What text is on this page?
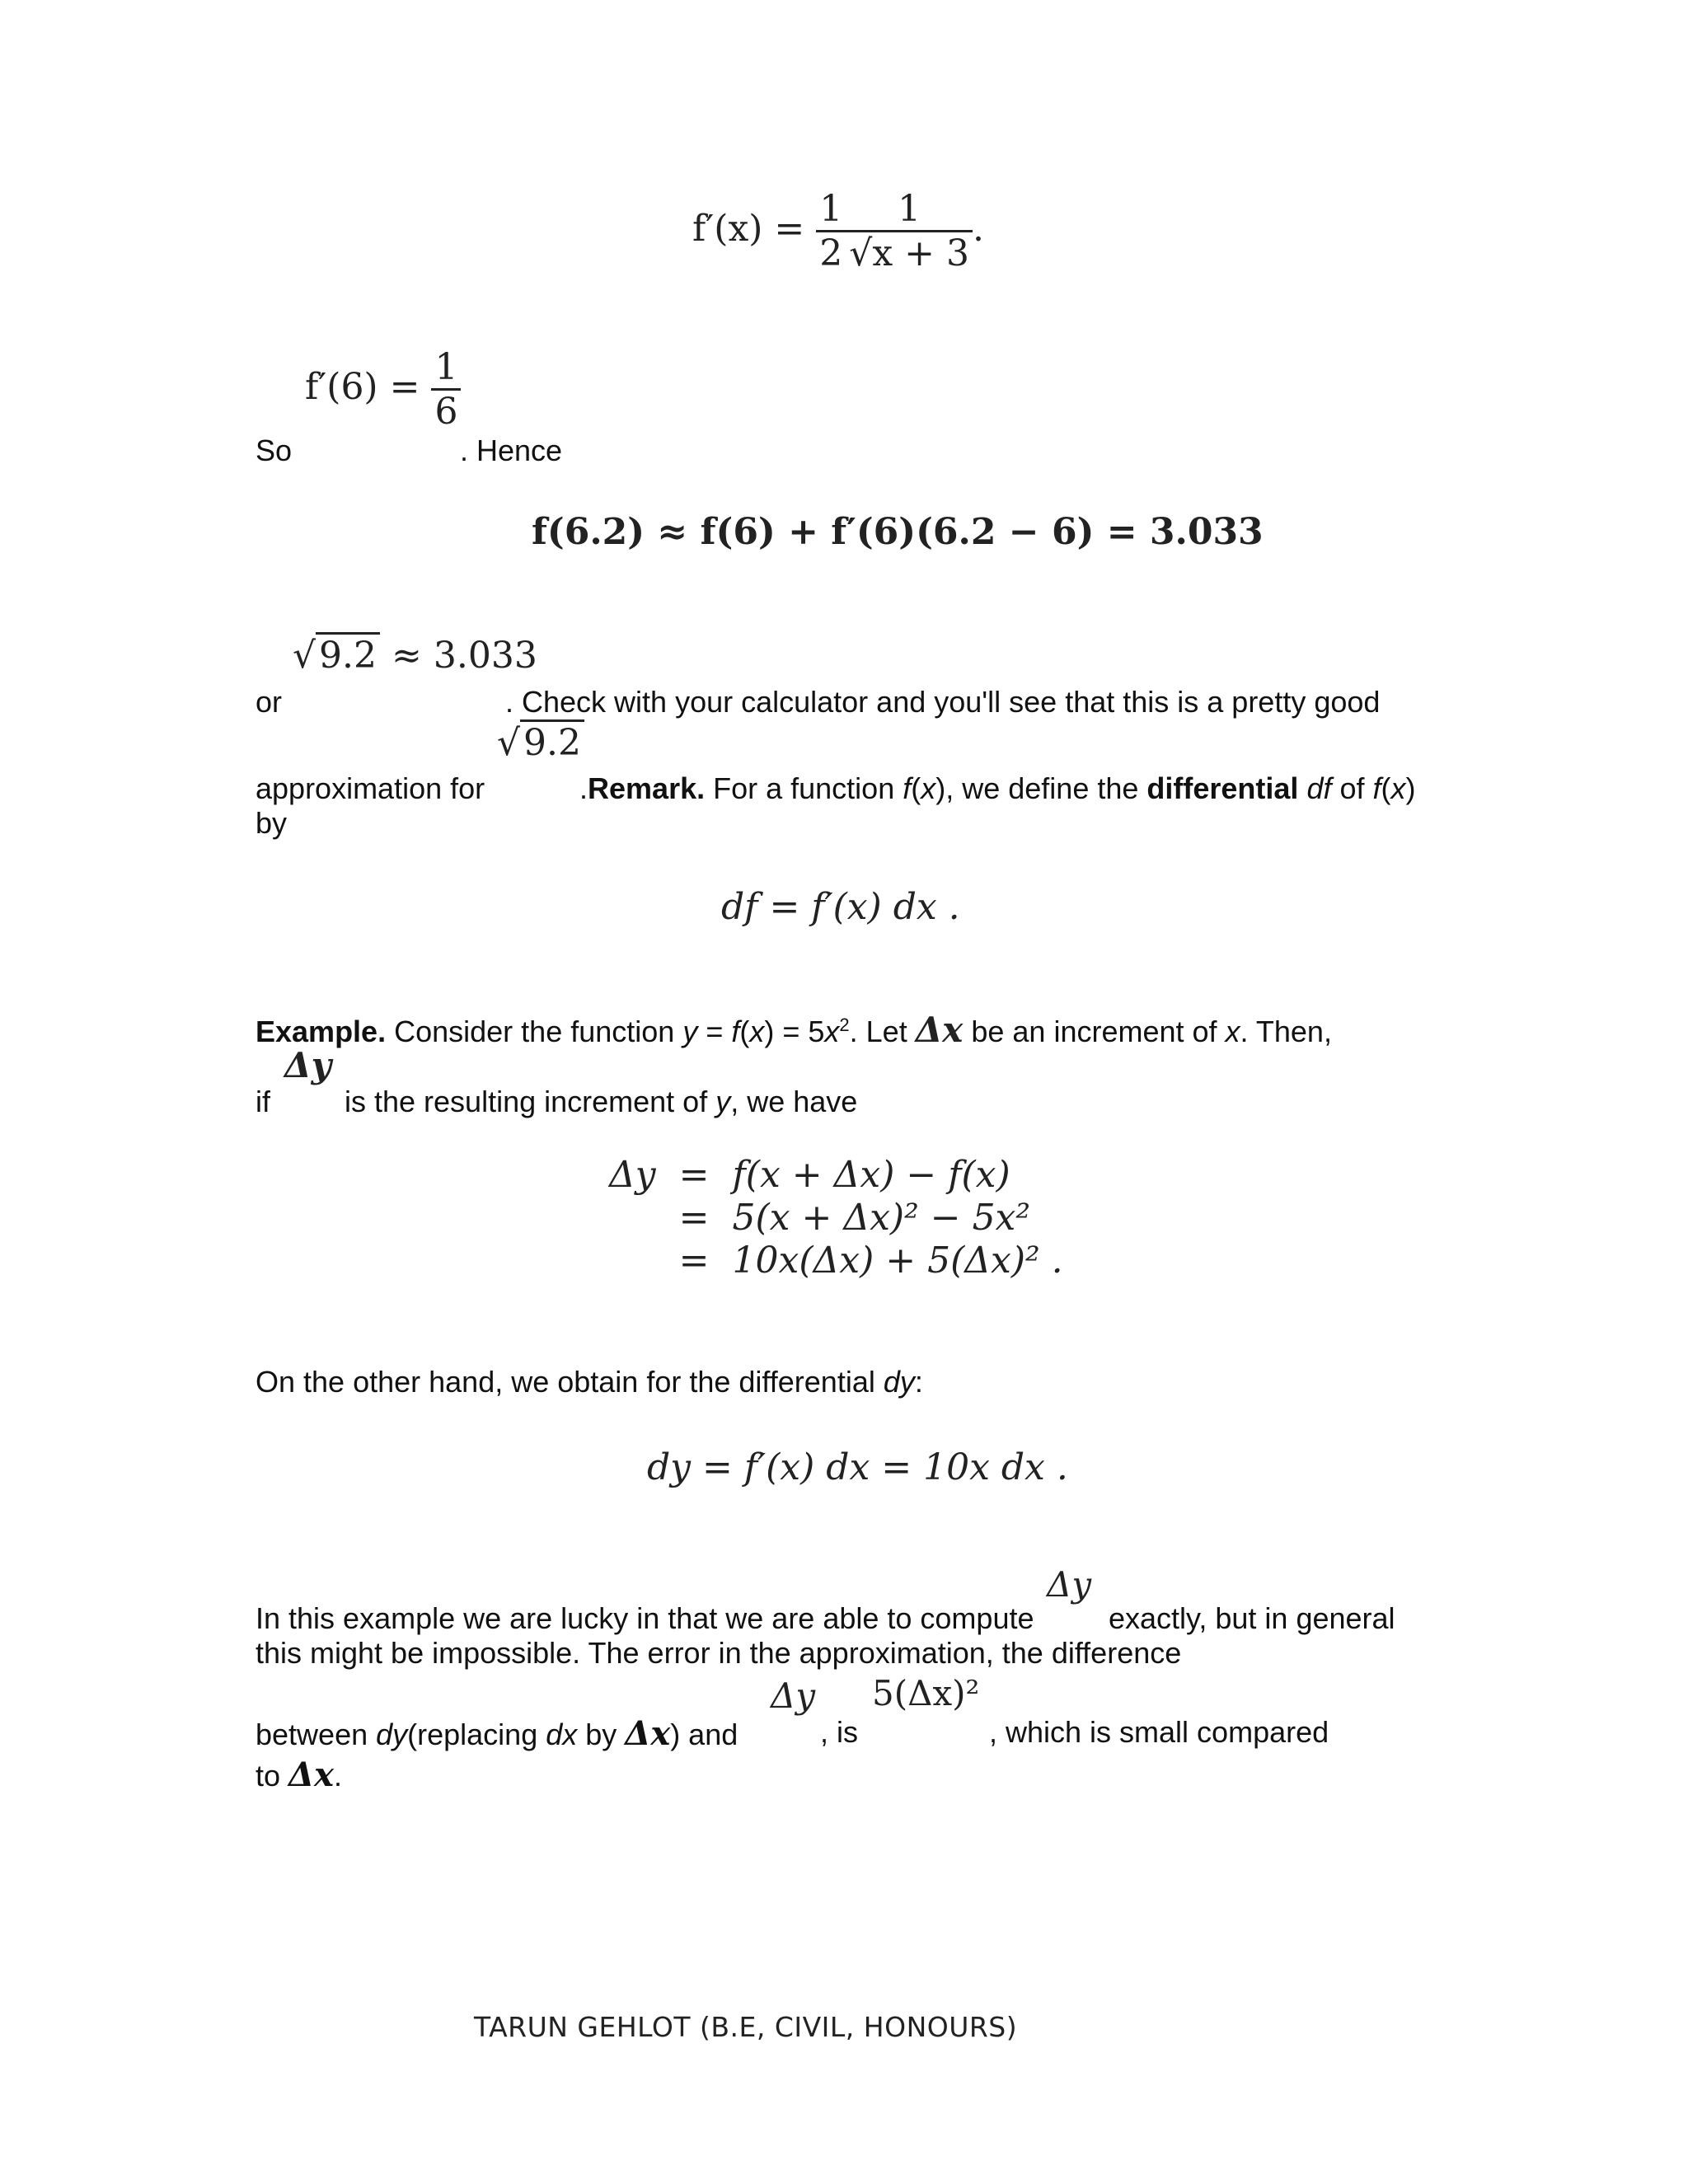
$f'(x) = \frac{1}{2} \frac{1}{√x + 3}$ .
$f'(6) = \frac{1}{6}$
So	. Hence
f(6.2) ≈ f(6) + f′(6)(6.2 − 6) = 3.033
√9.2 ≈ 3.033
or	. Check with your calculator and you'll see that this is a pretty good
√9.2
approximation for	.Remark. For a function f(x), we define the differential df of f(x)
by
df = f′(x) dx .
Example. Consider the function $y = f(x) = 5x^2$. Let Δx be an increment of x. Then,
Δy
if	is the resulting increment of y, we have
Δy	=	f(x + Δx) − f(x)
	=	5(x + Δx)² − 5x²
	=	10x(Δx) + 5(Δx)² .
On the other hand, we obtain for the differential dy:
dy = f′(x) dx = 10x dx .
Δy
In this example we are lucky in that we are able to compute	exactly, but in general
this might be impossible. The error in the approximation, the difference
Δy 5(Δx)²
between dy(replacing dx by Δx) and	, is	, which is small compared
to Δx.
TARUN GEHLOT (B.E, CIVIL, HONOURS)
